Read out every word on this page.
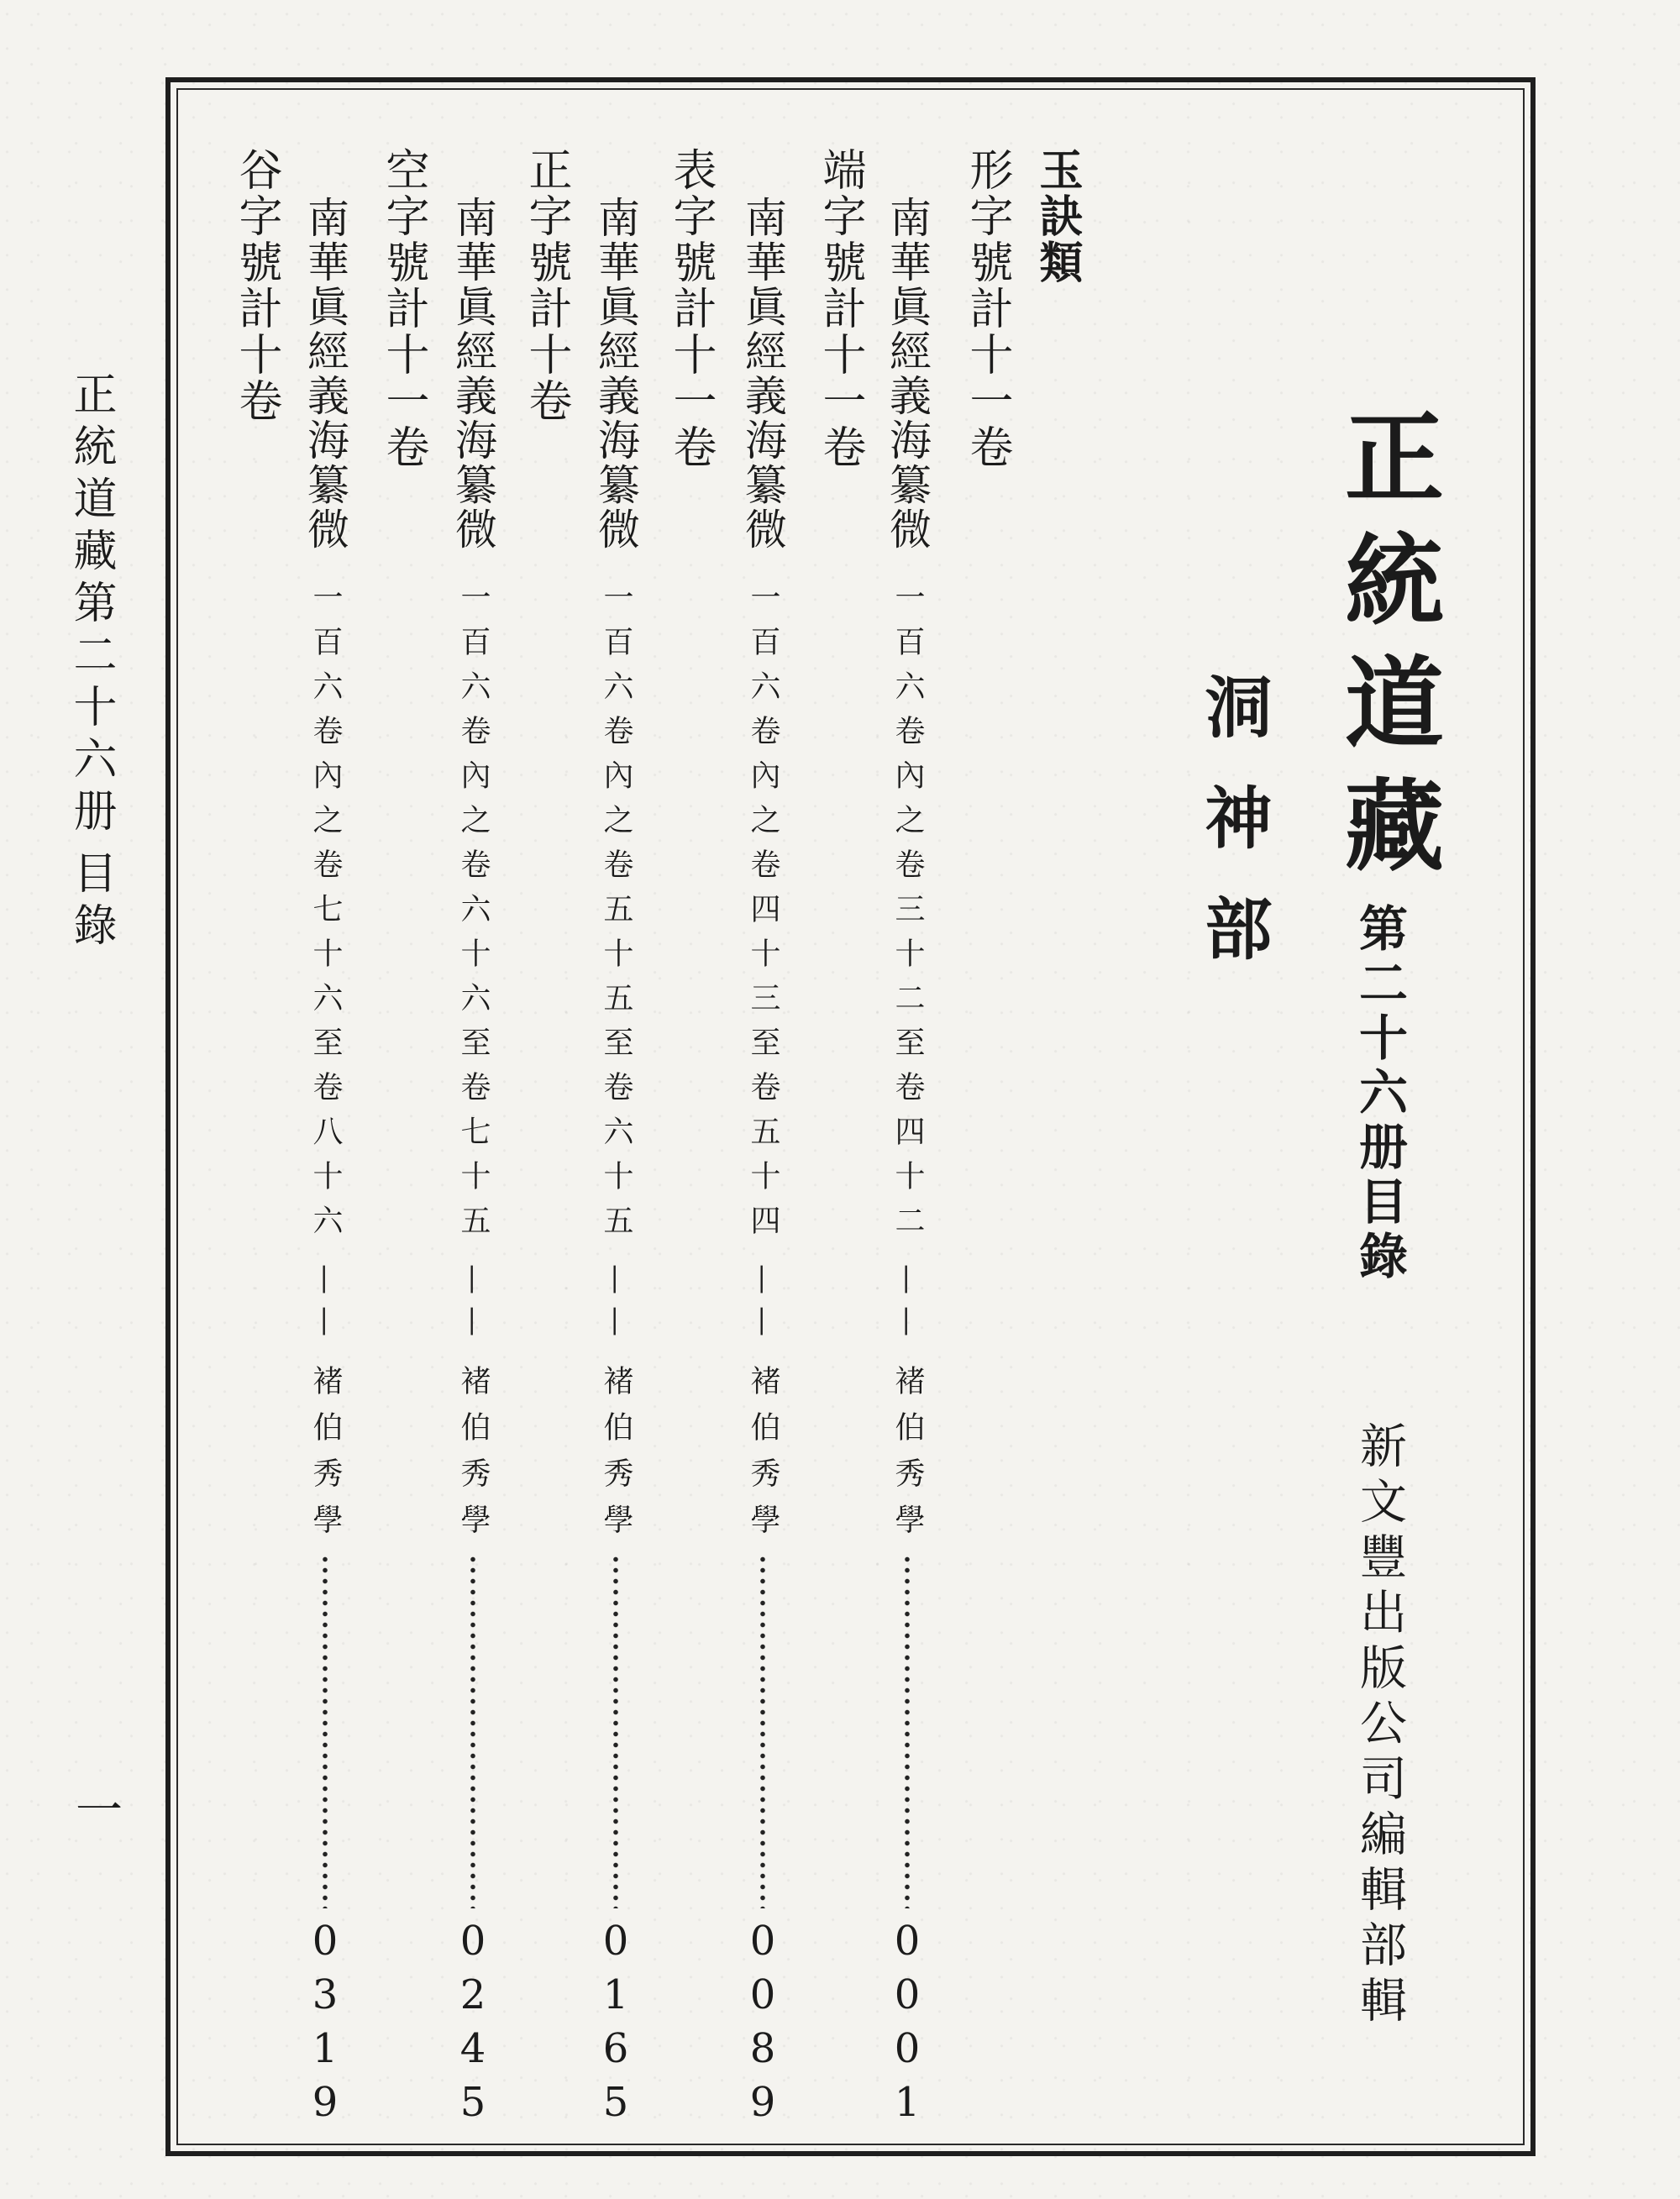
正統道藏第二十六册
目錄
一
正統道藏
第二十六册目錄
新文豐出版公司編輯部輯
洞神部
玉訣類
形字號計十一卷
南華眞經義海纂微
一百六卷內之卷三十二至卷四十二
——
褚伯秀學
0001
端字號計十一卷
南華眞經義海纂微
一百六卷內之卷四十三至卷五十四
——
褚伯秀學
0089
表字號計十一卷
南華眞經義海纂微
一百六卷內之卷五十五至卷六十五
——
褚伯秀學
0165
正字號計十卷
南華眞經義海纂微
一百六卷內之卷六十六至卷七十五
——
褚伯秀學
0245
空字號計十一卷
南華眞經義海纂微
一百六卷內之卷七十六至卷八十六
——
褚伯秀學
0319
谷字號計十卷
